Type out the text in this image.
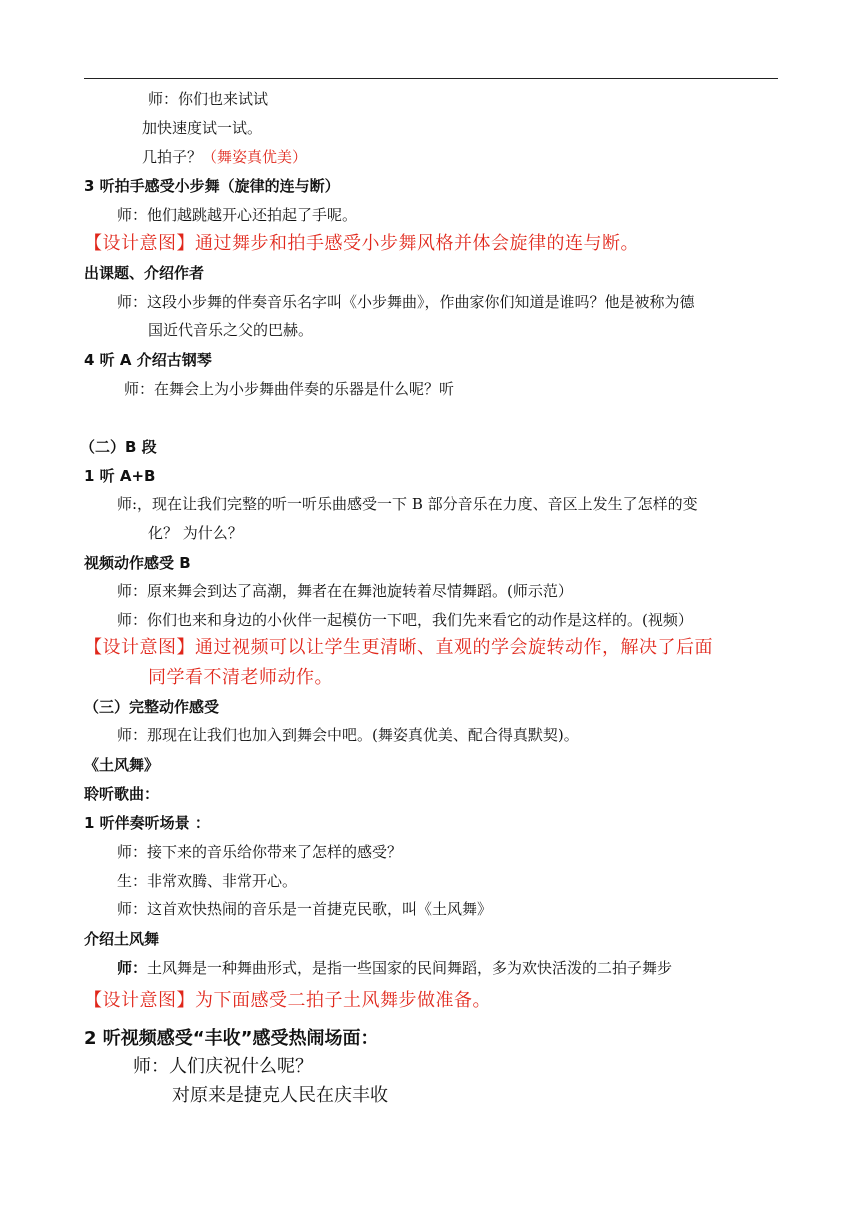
师：你们也来试试
加快速度试一试。
几拍子？（舞姿真优美）
3 听拍手感受小步舞（旋律的连与断）
师：他们越跳越开心还拍起了手呢。
【设计意图】通过舞步和拍手感受小步舞风格并体会旋律的连与断。
出课题、介绍作者
师：这段小步舞的伴奏音乐名字叫《小步舞曲》，作曲家你们知道是谁吗？他是被称为德
国近代音乐之父的巴赫。
4 听 A 介绍古钢琴
师：在舞会上为小步舞曲伴奏的乐器是什么呢？听
（二）B 段
1 听 A+B
师:，现在让我们完整的听一听乐曲感受一下 B 部分音乐在力度、音区上发生了怎样的变
化？ 为什么？
视频动作感受 B
师：原来舞会到达了高潮，舞者在在舞池旋转着尽情舞蹈。(师示范）
师：你们也来和身边的小伙伴一起模仿一下吧，我们先来看它的动作是这样的。(视频）
【设计意图】通过视频可以让学生更清晰、直观的学会旋转动作，解决了后面
同学看不清老师动作。
（三）完整动作感受
师：那现在让我们也加入到舞会中吧。(舞姿真优美、配合得真默契)。
《土风舞》
聆听歌曲：
1 听伴奏听场景 ：
师：接下来的音乐给你带来了怎样的感受？
生：非常欢腾、非常开心。
师：这首欢快热闹的音乐是一首捷克民歌，叫《土风舞》
介绍土风舞
师：土风舞是一种舞曲形式，是指一些国家的民间舞蹈，多为欢快活泼的二拍子舞步
【设计意图】为下面感受二拍子土风舞步做准备。
2 听视频感受“丰收”感受热闹场面：
师：人们庆祝什么呢？
对原来是捷克人民在庆丰收
